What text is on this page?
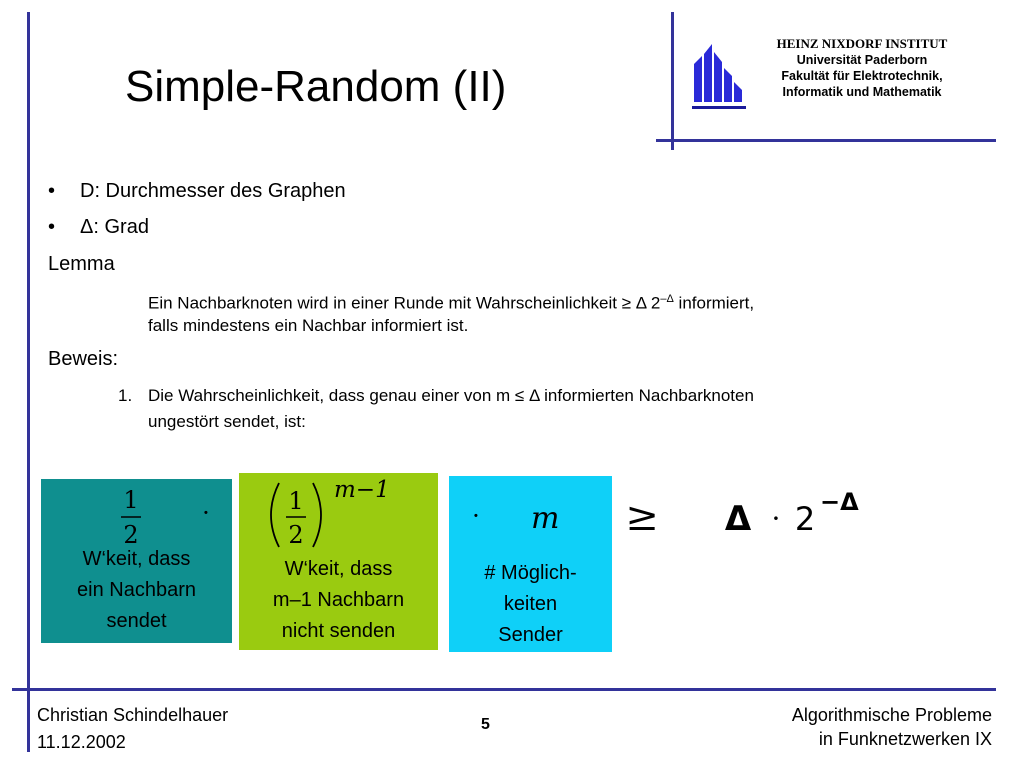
Simple-Random (II)
HEINZ NIXDORF INSTITUT
Universität Paderborn
Fakultät für Elektrotechnik,
Informatik und Mathematik
• D: Durchmesser des Graphen
• Δ: Grad
Lemma
Ein Nachbarknoten wird in einer Runde mit Wahrscheinlichkeit ≥ Δ $2^{-\Delta}$ informiert,
falls mindestens ein Nachbar informiert ist.
Beweis:
1. Die Wahrscheinlichkeit, dass genau einer von m ≤ Δ informierten Nachbarknoten
ungestört sendet, ist:
1
2
·
W‘keit, dass
ein Nachbarn
sendet
1
2
m−1
W‘keit, dass
m–1 Nachbarn
nicht senden
· m
# Möglich-
keiten
Sender
≥ Δ · 2 −Δ
Christian Schindelhauer
11.12.2002
5	Algorithmische Probleme
in Funknetzwerken IX
